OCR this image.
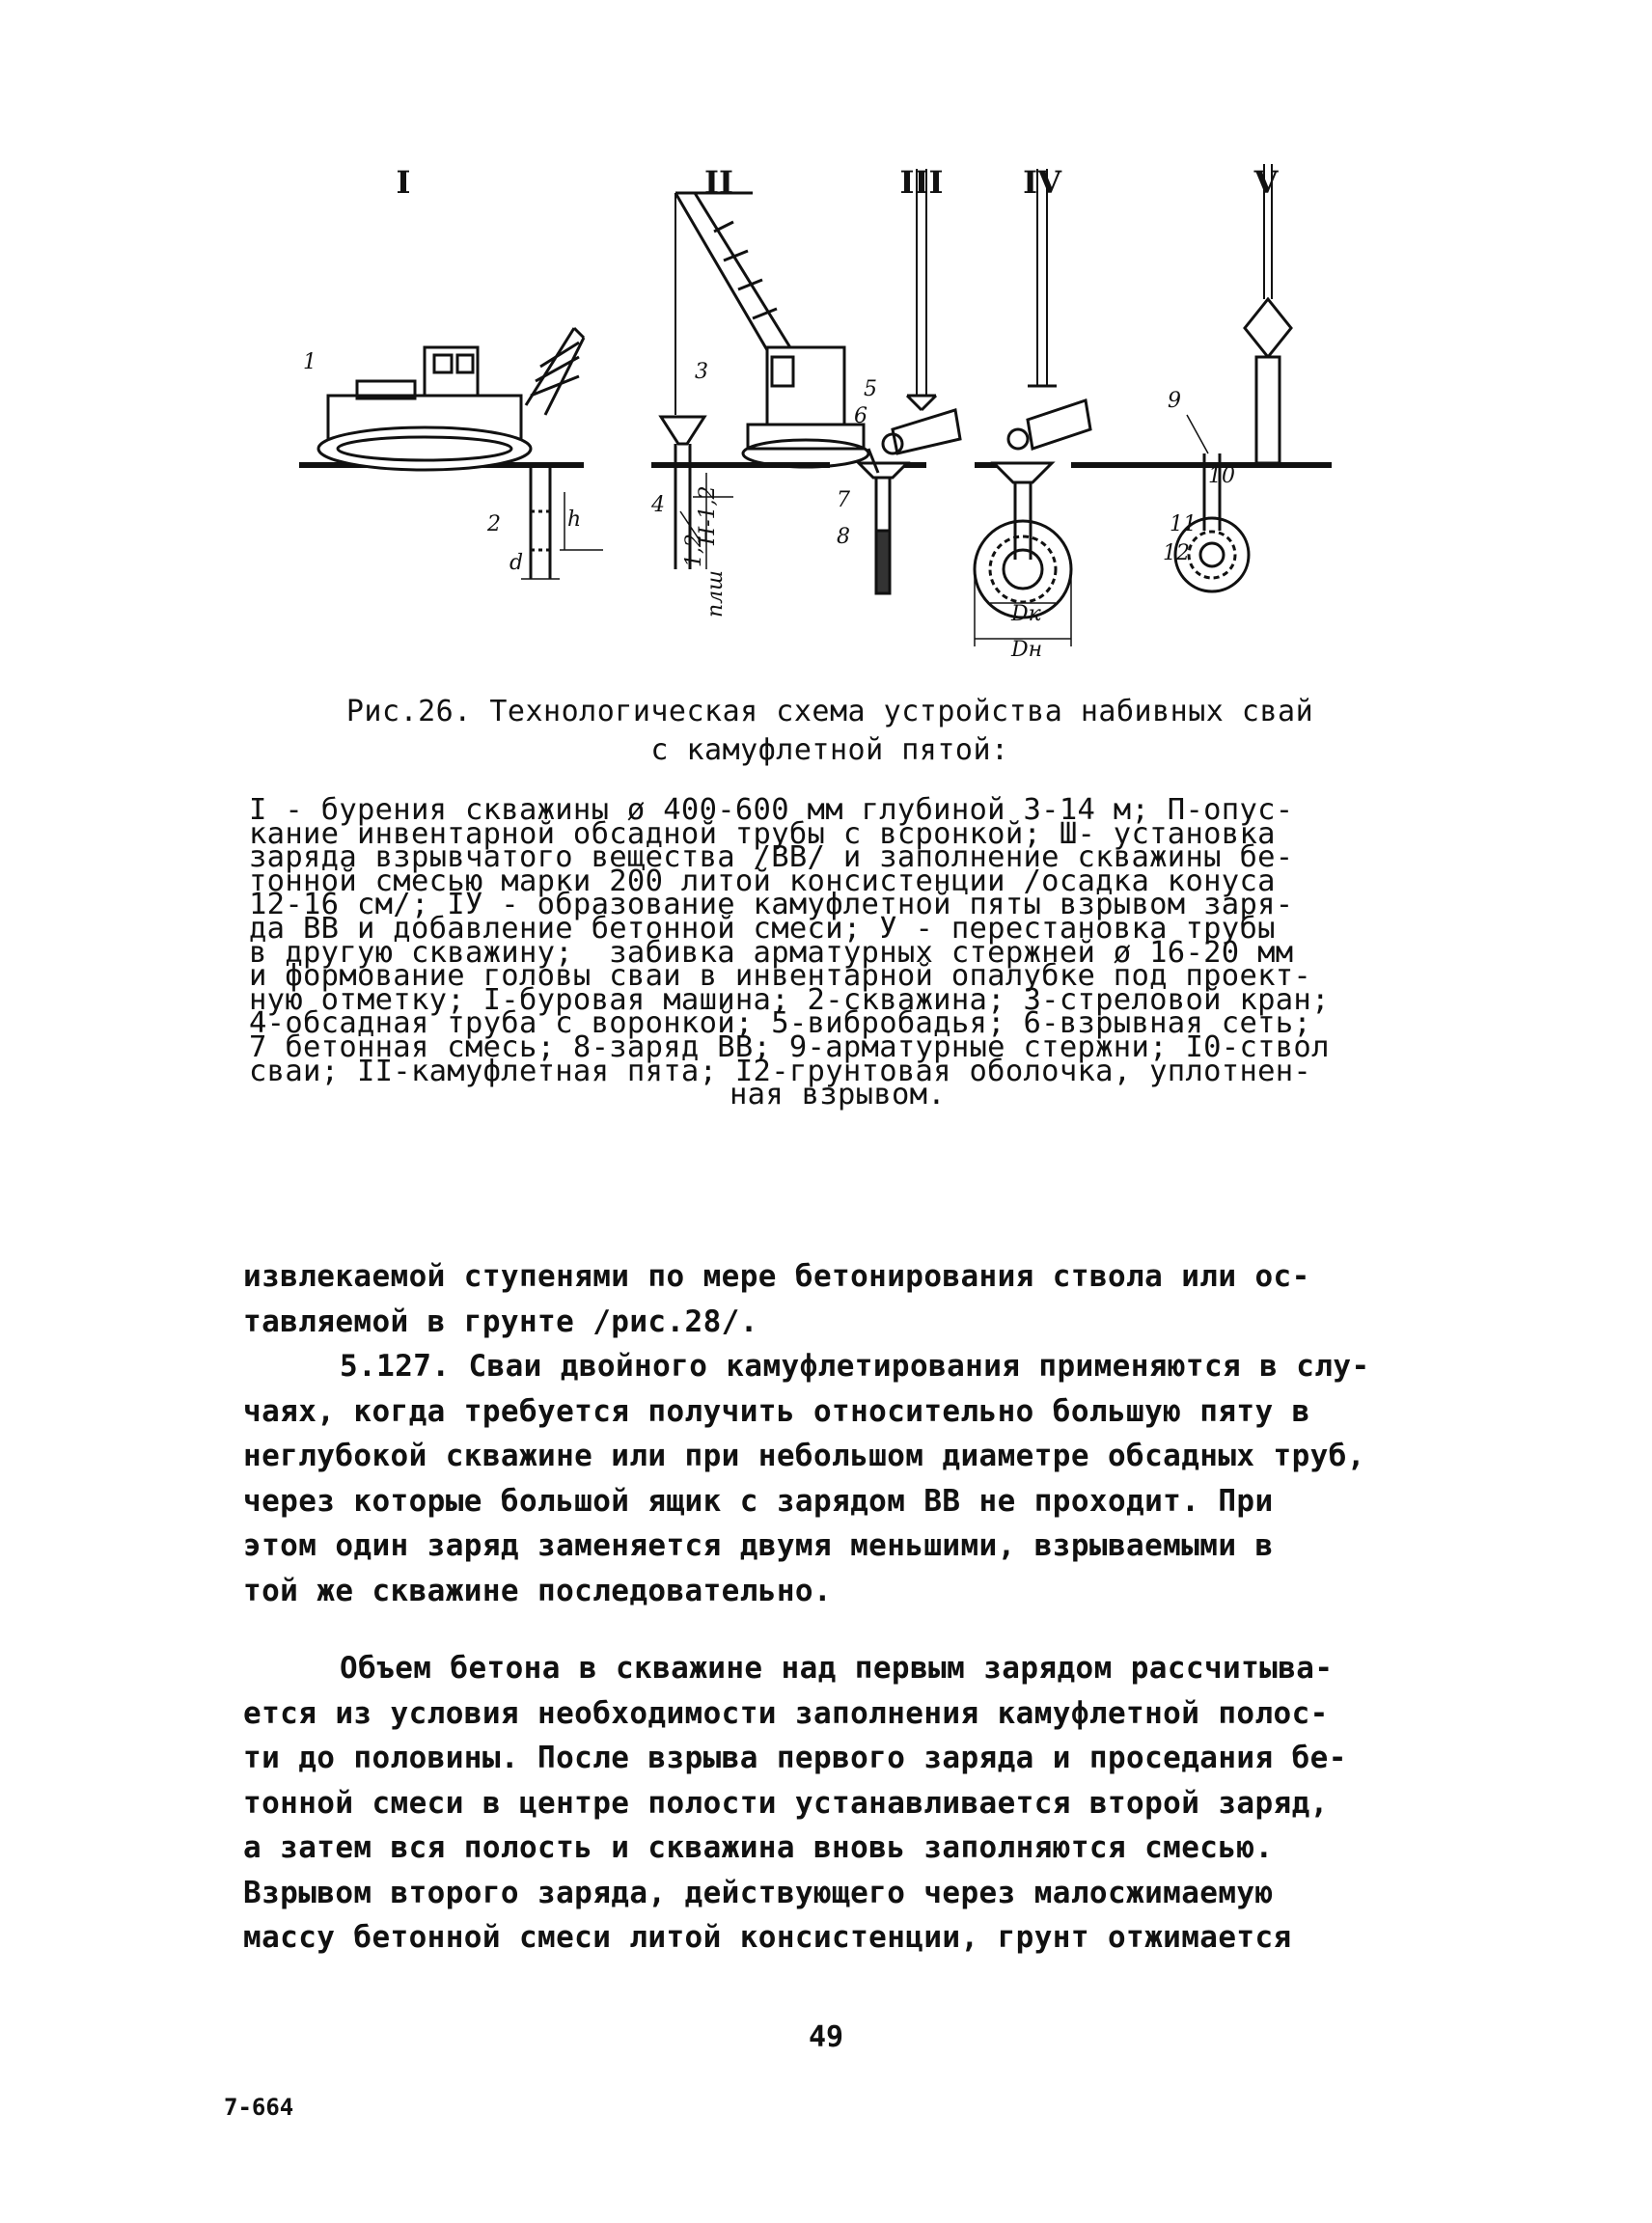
I	II	III	IV	V
1
2
3
4
5
6
7
8
9
10
11
12
d
h	H-1,2
1,2
плш	Dк
Dн
Рис.26. Технологическая схема устройства набивных свай
с камуфлетной пятой:
I - бурения скважины ø 400-600 мм глубиной 3-14 м; П-опус-
кание инвентарной обсадной трубы с всронкой; Ш- установка
заряда взрывчатого вещества /ВВ/ и заполнение скважины бе-
тонной смесью марки 200 литой консистенции /осадка конуса
12-16 см/; IУ - образование камуфлетной пяты взрывом заря-
да ВВ и добавление бетонной смеси; У - перестановка трубы
в другую скважину;  забивка арматурных стержней ø 16-20 мм
и формование головы сваи в инвентарной опалубке под проект-
ную отметку; I-буровая машина; 2-скважина; 3-стреловой кран;
4-обсадная труба с воронкой; 5-вибробадья; 6-взрывная сеть;
7 бетонная смесь; 8-заряд ВВ; 9-арматурные стержни; I0-ствол
сваи; II-камуфлетная пята; I2-грунтовая оболочка, уплотнен-
ная взрывом.
извлекаемой ступенями по мере бетонирования ствола или ос-
тавляемой в грунте /рис.28/.
5.127. Сваи двойного камуфлетирования применяются в слу-
чаях, когда требуется получить относительно большую пяту в
неглубокой скважине или при небольшом диаметре обсадных труб,
через которые большой ящик с зарядом ВВ не проходит. При
этом один заряд заменяется двумя меньшими, взрываемыми в
той же скважине последовательно.
Объем бетона в скважине над первым зарядом рассчитыва-
ется из условия необходимости заполнения камуфлетной полос-
ти до половины. После взрыва первого заряда и проседания бе-
тонной смеси в центре полости устанавливается второй заряд,
а затем вся полость и скважина вновь заполняются смесью.
Взрывом второго заряда, действующего через малосжимаемую
массу бетонной смеси литой консистенции, грунт отжимается
49
7-664
